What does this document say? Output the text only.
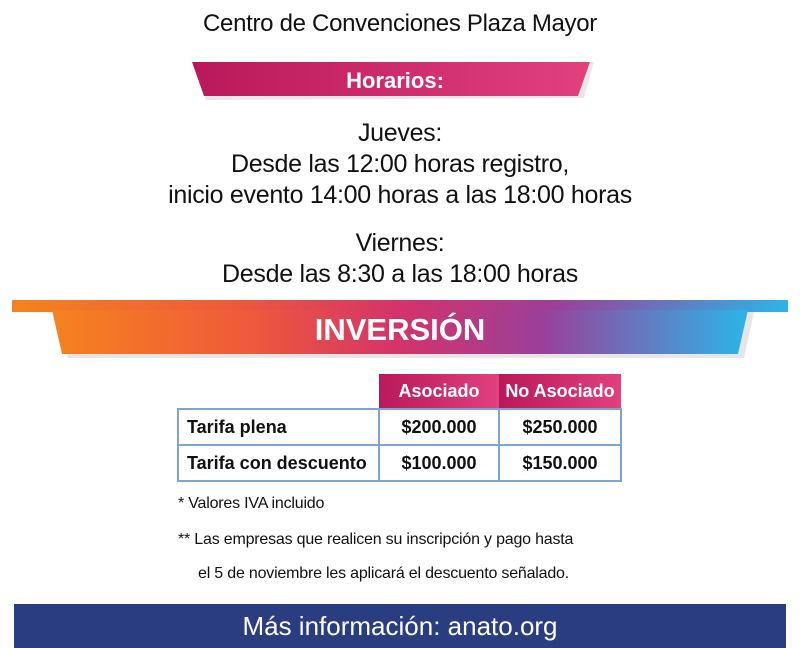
Centro de Convenciones Plaza Mayor
Horarios:
Jueves:
Desde las 12:00 horas registro,
inicio evento 14:00 horas a las 18:00 horas
Viernes:
Desde las 8:30 a las 18:00 horas
INVERSIÓN
	Asociado	No Asociado
Tarifa plena	$200.000	$250.000
Tarifa con descuento	$100.000	$150.000
* Valores IVA incluido
** Las empresas que realicen su inscripción y pago hasta
el 5 de noviembre les aplicará el descuento señalado.
Más información: anato.org
